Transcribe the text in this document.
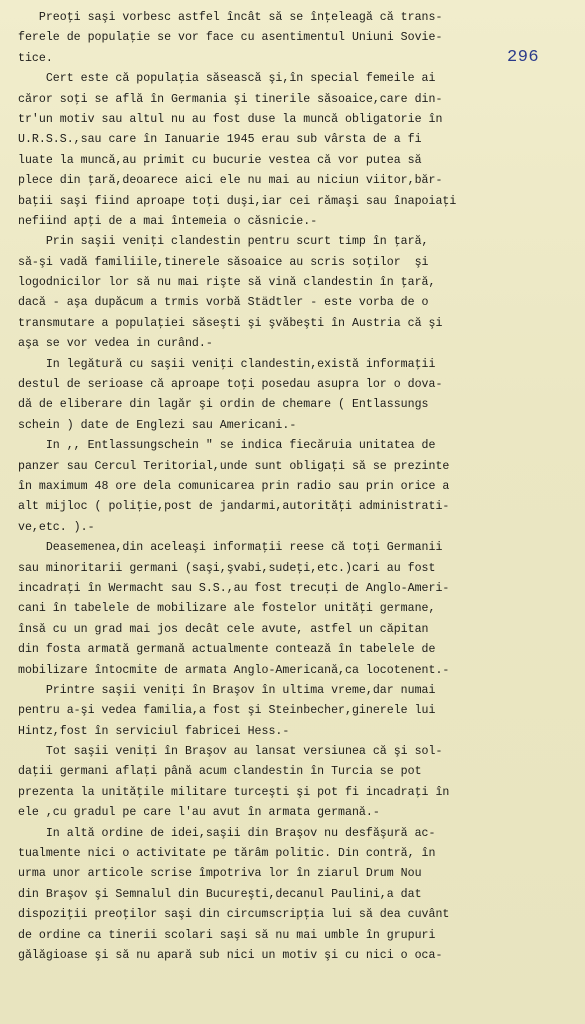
296
Preoţi saşi vorbesc astfel încât să se înţeleagă că trans-
ferele de populaţie se vor face cu asentimentul Uniuni Sovie-
tice.
Cert este că populaţia săsească şi,în special femeile ai
căror soţi se află în Germania şi tinerile săsoaice,care din-
tr'un motiv sau altul nu au fost duse la muncă obligatorie în
U.R.S.S.,sau care în Ianuarie 1945 erau sub vârsta de a fi
luate la muncă,au primit cu bucurie vestea că vor putea să
plece din ţară,deoarece aici ele nu mai au niciun viitor,băr-
baţii saşi fiind aproape toţi duşi,iar cei rămaşi sau înapoiaţi
nefiind apţi de a mai întemeia o căsnicie.-
Prin saşii veniţi clandestin pentru scurt timp în ţară,
să-şi vadă familiile,tinerele săsoaice au scris soţilor  şi
logodnicilor lor să nu mai rişte să vină clandestin în ţară,
dacă - aşa dupăcum a trmis vorbă Städtler - este vorba de o
transmutare a populaţiei săseşti şi şvăbeşti în Austria că şi
aşa se vor vedea in curând.-
In legătură cu saşii veniţi clandestin,există informaţii
destul de serioase că aproape toţi posedau asupra lor o dova-
dă de eliberare din lagăr şi ordin de chemare ( Entlassungs
schein ) date de Englezi sau Americani.-
In ,, Entlassungschein " se indica fiecăruia unitatea de
panzer sau Cercul Teritorial,unde sunt obligaţi să se prezinte
în maximum 48 ore dela comunicarea prin radio sau prin orice a
alt mijloc ( poliţie,post de jandarmi,autorităţi administrati-
ve,etc. ).-
Deasemenea,din aceleaşi informaţii reese că toţi Germanii
sau minoritarii germani (saşi,şvabi,sudeţi,etc.)cari au fost
incadraţi în Wermacht sau S.S.,au fost trecuţi de Anglo-Ameri-
cani în tabelele de mobilizare ale fostelor unităţi germane,
însă cu un grad mai jos decât cele avute, astfel un căpitan
din fosta armată germană actualmente contează în tabelele de
mobilizare întocmite de armata Anglo-Americană,ca locotenent.-
Printre saşii veniţi în Braşov în ultima vreme,dar numai
pentru a-şi vedea familia,a fost şi Steinbecher,ginerele lui
Hintz,fost în serviciul fabricei Hess.-
Tot saşii veniţi în Braşov au lansat versiunea că şi sol-
daţii germani aflaţi până acum clandestin în Turcia se pot
prezenta la unităţile militare turceşti şi pot fi incadraţi în
ele ,cu gradul pe care l'au avut în armata germană.-
In altă ordine de idei,saşii din Braşov nu desfăşură ac-
tualmente nici o activitate pe tărâm politic. Din contră, în
urma unor articole scrise împotriva lor în ziarul Drum Nou
din Braşov şi Semnalul din Bucureşti,decanul Paulini,a dat
dispoziţii preoţilor saşi din circumscripţia lui să dea cuvânt
de ordine ca tinerii scolari saşi să nu mai umble în grupuri
gălăgioase şi să nu apară sub nici un motiv şi cu nici o oca-
